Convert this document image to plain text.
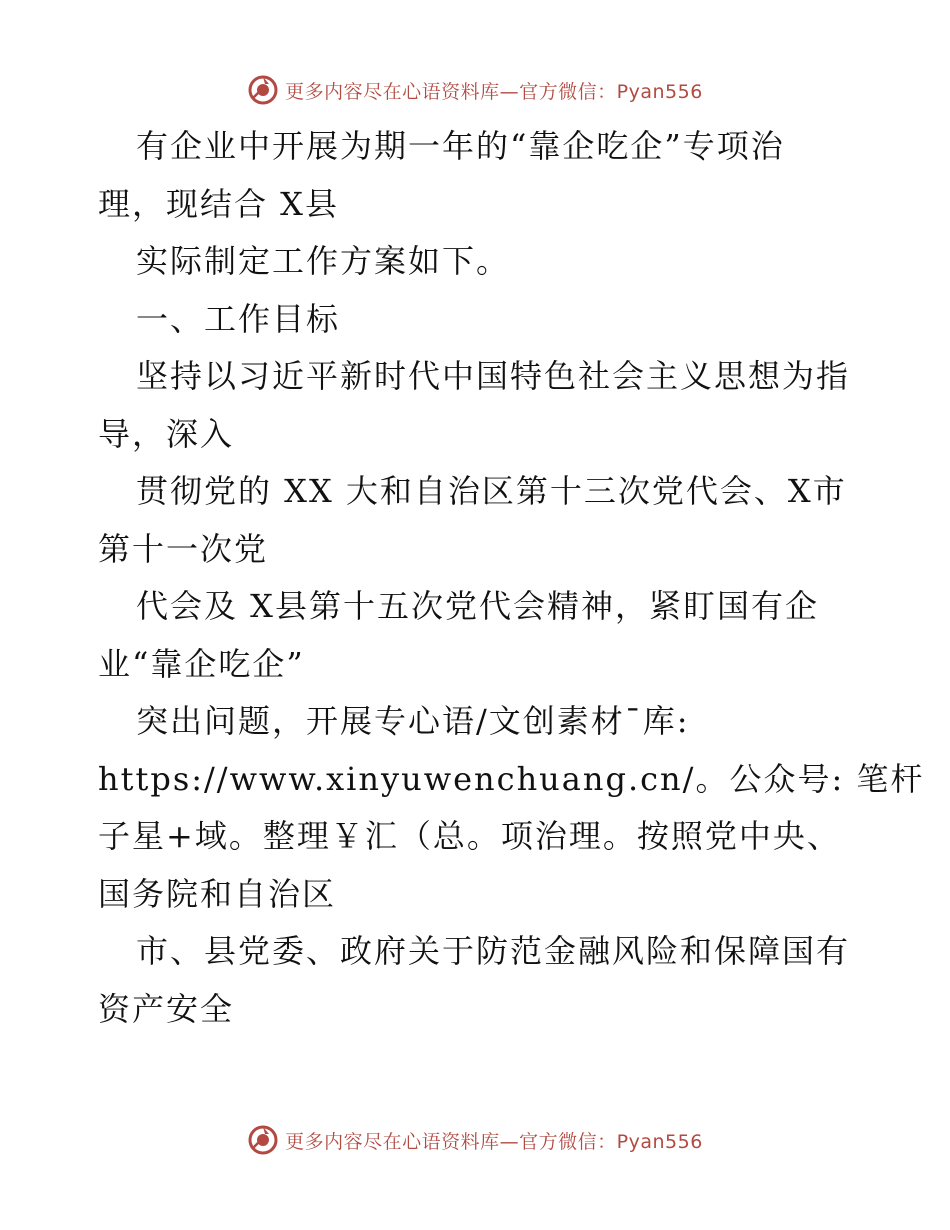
更多内容尽在心语资料库—官方微信：Pyan556
有企业中开展为期一年的“靠企吃企”专项治
理，现结合 X县
实际制定工作方案如下。
一、工作目标
坚持以习近平新时代中国特色社会主义思想为指
导，深入
贯彻党的 XX 大和自治区第十三次党代会、X市
第十一次党
代会及 X县第十五次党代会精神，紧盯国有企
业“靠企吃企”
突出问题，开展专心语/文创素材¯库:
https://www.xinyuwenchuang.cn/。公众号: 笔杆
子星+域。整理￥汇（总。项治理。按照党中央、
国务院和自治区
市、县党委、政府关于防范金融风险和保障国有
资产安全
更多内容尽在心语资料库—官方微信：Pyan556
